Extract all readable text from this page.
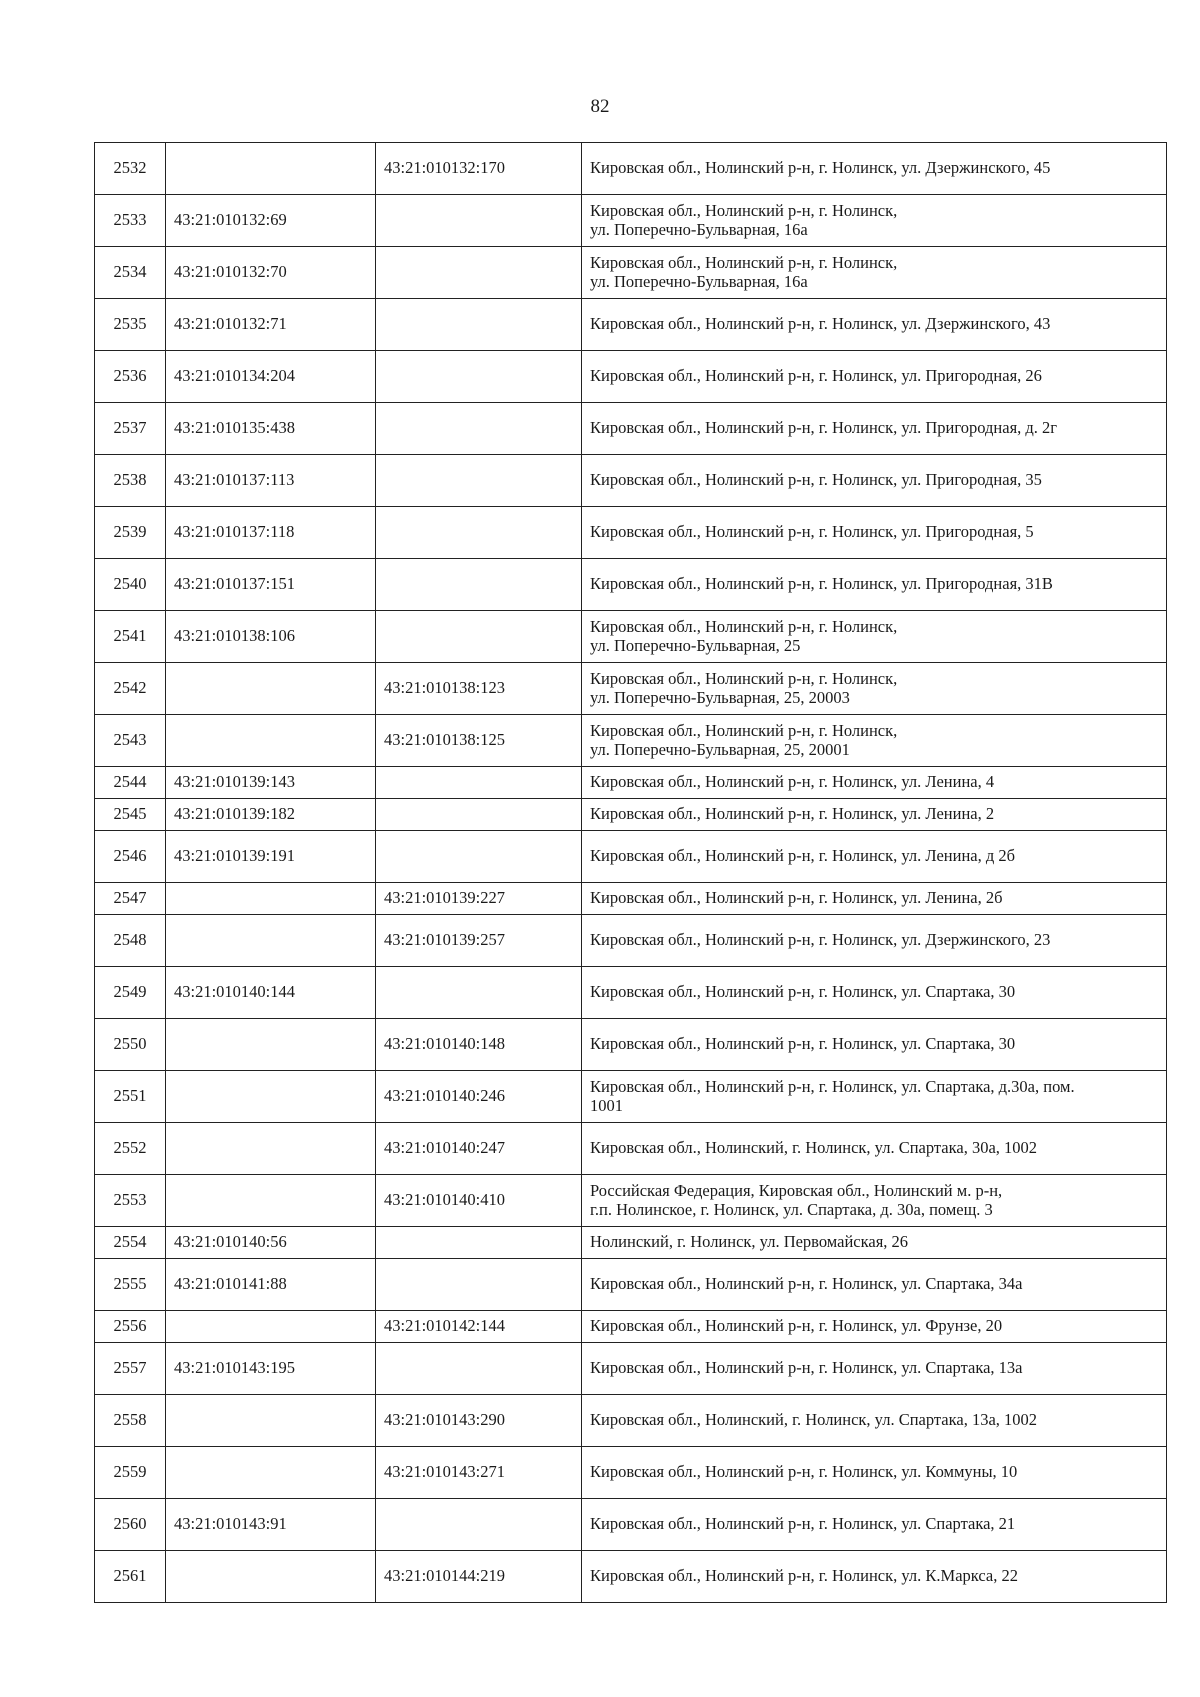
82
2532		43:21:010132:170	Кировская обл., Нолинский р-н, г. Нолинск, ул. Дзержинского, 45
2533	43:21:010132:69		Кировская обл., Нолинский р-н, г. Нолинск,
ул. Поперечно-Бульварная, 16а
2534	43:21:010132:70		Кировская обл., Нолинский р-н, г. Нолинск,
ул. Поперечно-Бульварная, 16а
2535	43:21:010132:71		Кировская обл., Нолинский р-н, г. Нолинск, ул. Дзержинского, 43
2536	43:21:010134:204		Кировская обл., Нолинский р-н, г. Нолинск, ул. Пригородная, 26
2537	43:21:010135:438		Кировская обл., Нолинский р-н, г. Нолинск, ул. Пригородная, д. 2г
2538	43:21:010137:113		Кировская обл., Нолинский р-н, г. Нолинск, ул. Пригородная, 35
2539	43:21:010137:118		Кировская обл., Нолинский р-н, г. Нолинск, ул. Пригородная, 5
2540	43:21:010137:151		Кировская обл., Нолинский р-н, г. Нолинск, ул. Пригородная, 31В
2541	43:21:010138:106		Кировская обл., Нолинский р-н, г. Нолинск,
ул. Поперечно-Бульварная, 25
2542		43:21:010138:123	Кировская обл., Нолинский р-н, г. Нолинск,
ул. Поперечно-Бульварная, 25, 20003
2543		43:21:010138:125	Кировская обл., Нолинский р-н, г. Нолинск,
ул. Поперечно-Бульварная, 25, 20001
2544	43:21:010139:143		Кировская обл., Нолинский р-н, г. Нолинск, ул. Ленина, 4
2545	43:21:010139:182		Кировская обл., Нолинский р-н, г. Нолинск, ул. Ленина, 2
2546	43:21:010139:191		Кировская обл., Нолинский р-н, г. Нолинск, ул. Ленина, д 2б
2547		43:21:010139:227	Кировская обл., Нолинский р-н, г. Нолинск, ул. Ленина, 2б
2548		43:21:010139:257	Кировская обл., Нолинский р-н, г. Нолинск, ул. Дзержинского, 23
2549	43:21:010140:144		Кировская обл., Нолинский р-н, г. Нолинск, ул. Спартака, 30
2550		43:21:010140:148	Кировская обл., Нолинский р-н, г. Нолинск, ул. Спартака, 30
2551		43:21:010140:246	Кировская обл., Нолинский р-н, г. Нолинск, ул. Спартака, д.30а, пом.
1001
2552		43:21:010140:247	Кировская обл., Нолинский, г. Нолинск, ул. Спартака, 30а, 1002
2553		43:21:010140:410	Российская Федерация, Кировская обл., Нолинский м. р-н,
г.п. Нолинское, г. Нолинск, ул. Спартака, д. 30а, помещ. 3
2554	43:21:010140:56		Нолинский, г. Нолинск, ул. Первомайская, 26
2555	43:21:010141:88		Кировская обл., Нолинский р-н, г. Нолинск, ул. Спартака, 34а
2556		43:21:010142:144	Кировская обл., Нолинский р-н, г. Нолинск, ул. Фрунзе, 20
2557	43:21:010143:195		Кировская обл., Нолинский р-н, г. Нолинск, ул. Спартака, 13а
2558		43:21:010143:290	Кировская обл., Нолинский, г. Нолинск, ул. Спартака, 13а, 1002
2559		43:21:010143:271	Кировская обл., Нолинский р-н, г. Нолинск, ул. Коммуны, 10
2560	43:21:010143:91		Кировская обл., Нолинский р-н, г. Нолинск, ул. Спартака, 21
2561		43:21:010144:219	Кировская обл., Нолинский р-н, г. Нолинск, ул. К.Маркса, 22
